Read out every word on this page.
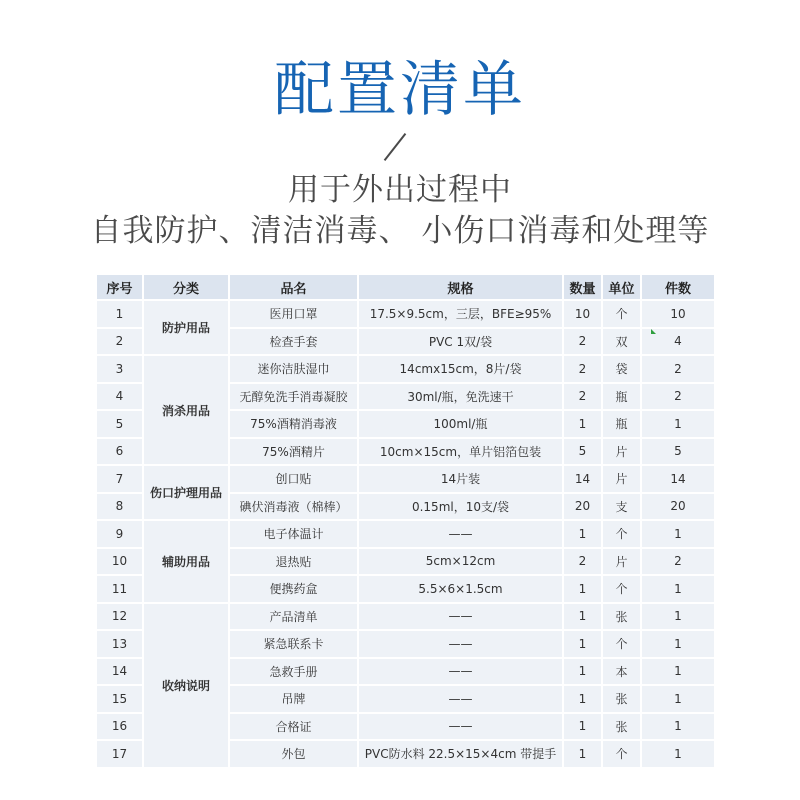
配置清单
用于外出过程中
自我防护、清洁消毒、 小伤口消毒和处理等
序号	分类	品名	规格	数量	单位	件数
1	防护用品	医用口罩	17.5×9.5cm，三层，BFE≥95%	10	个	10
2		检查手套	PVC 1双/袋	2	双	4
3	消杀用品	迷你洁肤湿巾	14cmx15cm，8片/袋	2	袋	2
4		无醇免洗手消毒凝胶	30ml/瓶，免洗速干	2	瓶	2
5		75%酒精消毒液	100ml/瓶	1	瓶	1
6		75%酒精片	10cm×15cm，单片铝箔包装	5	片	5
7	伤口护理用品	创口贴	14片装	14	片	14
8		碘伏消毒液（棉棒）	0.15ml，10支/袋	20	支	20
9	辅助用品	电子体温计	——	1	个	1
10		退热贴	5cm×12cm	2	片	2
11		便携药盒	5.5×6×1.5cm	1	个	1
12	收纳说明	产品清单	——	1	张	1
13		紧急联系卡	——	1	个	1
14		急救手册	——	1	本	1
15		吊牌	——	1	张	1
16		合格证	——	1	张	1
17		外包	PVC防水料 22.5×15×4cm 带提手	1	个	1
